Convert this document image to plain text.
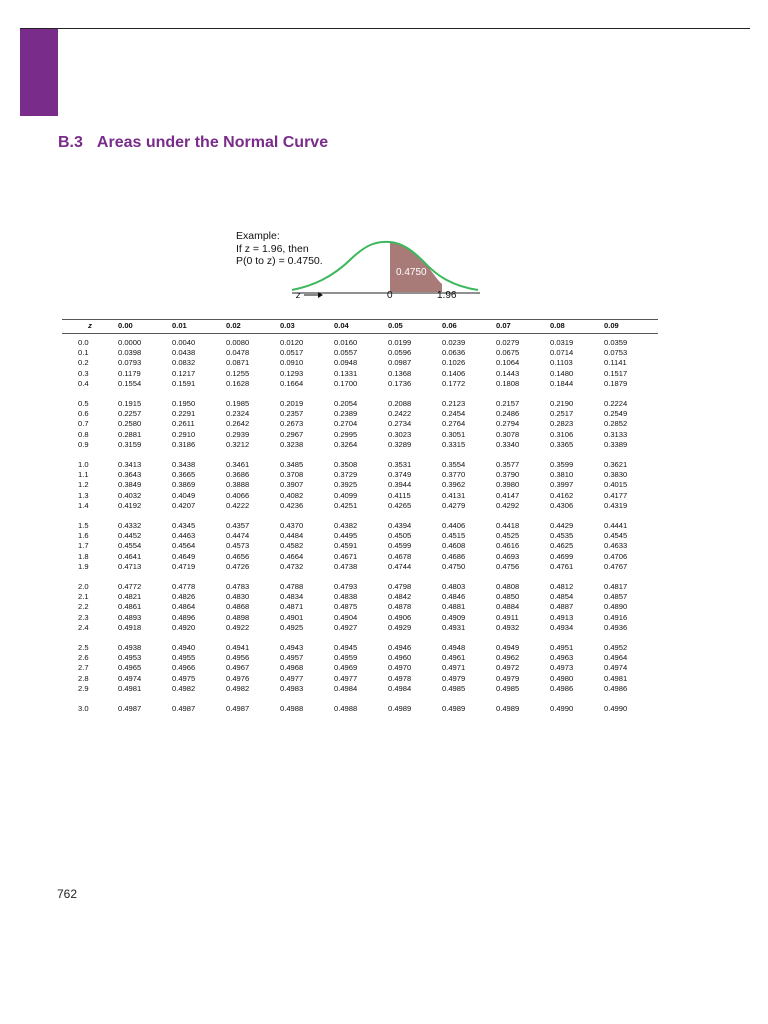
B.3 Areas under the Normal Curve
Example:
If z = 1.96, then
P(0 to z) = 0.4750.
0.4750
z	0	1.96
z	0.00	0.01	0.02	0.03	0.04	0.05	0.06	0.07	0.08	0.09
0.0	0.0000	0.0040	0.0080	0.0120	0.0160	0.0199	0.0239	0.0279	0.0319	0.0359
0.1	0.0398	0.0438	0.0478	0.0517	0.0557	0.0596	0.0636	0.0675	0.0714	0.0753
0.2	0.0793	0.0832	0.0871	0.0910	0.0948	0.0987	0.1026	0.1064	0.1103	0.1141
0.3	0.1179	0.1217	0.1255	0.1293	0.1331	0.1368	0.1406	0.1443	0.1480	0.1517
0.4	0.1554	0.1591	0.1628	0.1664	0.1700	0.1736	0.1772	0.1808	0.1844	0.1879

0.5	0.1915	0.1950	0.1985	0.2019	0.2054	0.2088	0.2123	0.2157	0.2190	0.2224
0.6	0.2257	0.2291	0.2324	0.2357	0.2389	0.2422	0.2454	0.2486	0.2517	0.2549
0.7	0.2580	0.2611	0.2642	0.2673	0.2704	0.2734	0.2764	0.2794	0.2823	0.2852
0.8	0.2881	0.2910	0.2939	0.2967	0.2995	0.3023	0.3051	0.3078	0.3106	0.3133
0.9	0.3159	0.3186	0.3212	0.3238	0.3264	0.3289	0.3315	0.3340	0.3365	0.3389

1.0	0.3413	0.3438	0.3461	0.3485	0.3508	0.3531	0.3554	0.3577	0.3599	0.3621
1.1	0.3643	0.3665	0.3686	0.3708	0.3729	0.3749	0.3770	0.3790	0.3810	0.3830
1.2	0.3849	0.3869	0.3888	0.3907	0.3925	0.3944	0.3962	0.3980	0.3997	0.4015
1.3	0.4032	0.4049	0.4066	0.4082	0.4099	0.4115	0.4131	0.4147	0.4162	0.4177
1.4	0.4192	0.4207	0.4222	0.4236	0.4251	0.4265	0.4279	0.4292	0.4306	0.4319

1.5	0.4332	0.4345	0.4357	0.4370	0.4382	0.4394	0.4406	0.4418	0.4429	0.4441
1.6	0.4452	0.4463	0.4474	0.4484	0.4495	0.4505	0.4515	0.4525	0.4535	0.4545
1.7	0.4554	0.4564	0.4573	0.4582	0.4591	0.4599	0.4608	0.4616	0.4625	0.4633
1.8	0.4641	0.4649	0.4656	0.4664	0.4671	0.4678	0.4686	0.4693	0.4699	0.4706
1.9	0.4713	0.4719	0.4726	0.4732	0.4738	0.4744	0.4750	0.4756	0.4761	0.4767

2.0	0.4772	0.4778	0.4783	0.4788	0.4793	0.4798	0.4803	0.4808	0.4812	0.4817
2.1	0.4821	0.4826	0.4830	0.4834	0.4838	0.4842	0.4846	0.4850	0.4854	0.4857
2.2	0.4861	0.4864	0.4868	0.4871	0.4875	0.4878	0.4881	0.4884	0.4887	0.4890
2.3	0.4893	0.4896	0.4898	0.4901	0.4904	0.4906	0.4909	0.4911	0.4913	0.4916
2.4	0.4918	0.4920	0.4922	0.4925	0.4927	0.4929	0.4931	0.4932	0.4934	0.4936

2.5	0.4938	0.4940	0.4941	0.4943	0.4945	0.4946	0.4948	0.4949	0.4951	0.4952
2.6	0.4953	0.4955	0.4956	0.4957	0.4959	0.4960	0.4961	0.4962	0.4963	0.4964
2.7	0.4965	0.4966	0.4967	0.4968	0.4969	0.4970	0.4971	0.4972	0.4973	0.4974
2.8	0.4974	0.4975	0.4976	0.4977	0.4977	0.4978	0.4979	0.4979	0.4980	0.4981
2.9	0.4981	0.4982	0.4982	0.4983	0.4984	0.4984	0.4985	0.4985	0.4986	0.4986

3.0	0.4987	0.4987	0.4987	0.4988	0.4988	0.4989	0.4989	0.4989	0.4990	0.4990
762
